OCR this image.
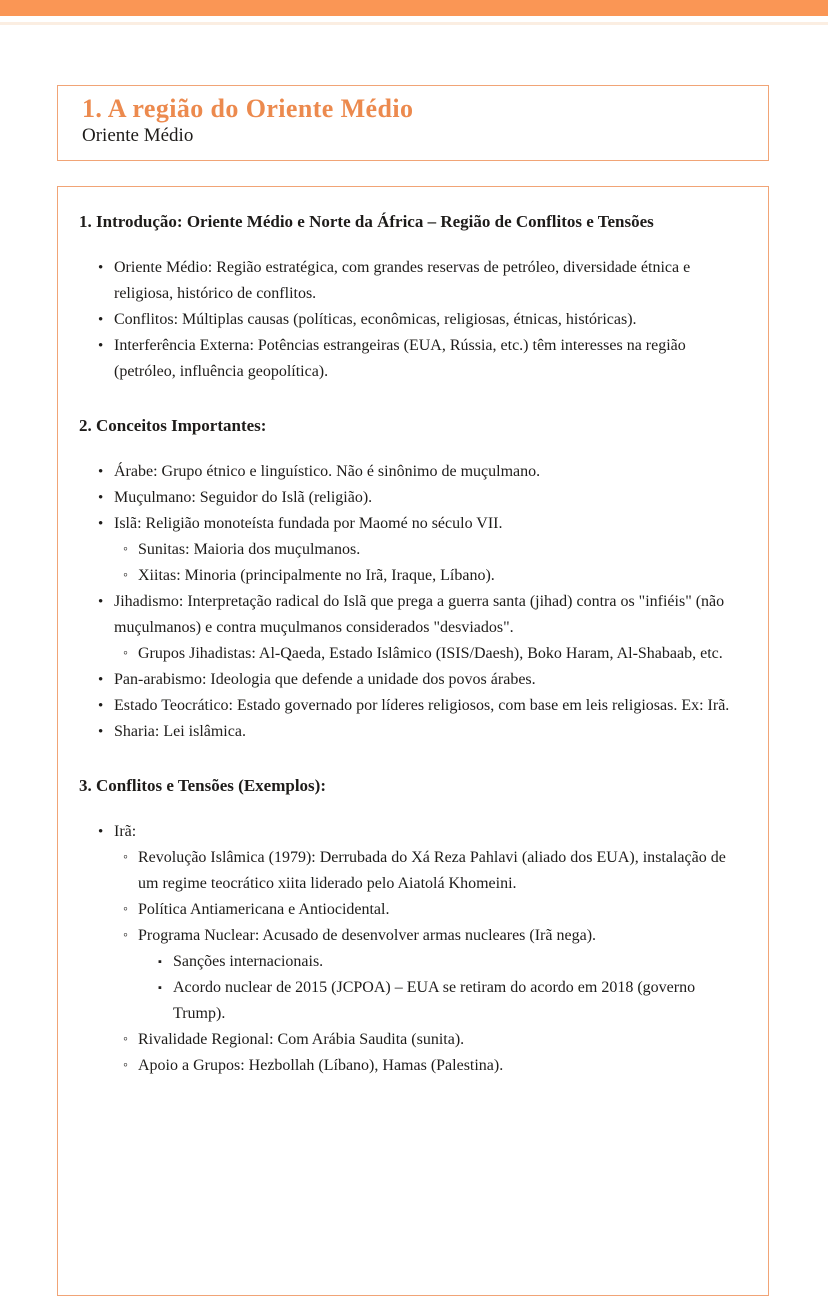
1. A região do Oriente Médio
Oriente Médio
1. Introdução: Oriente Médio e Norte da África – Região de Conflitos e Tensões
• Oriente Médio: Região estratégica, com grandes reservas de petróleo, diversidade étnica e religiosa, histórico de conflitos.
• Conflitos: Múltiplas causas (políticas, econômicas, religiosas, étnicas, históricas).
• Interferência Externa: Potências estrangeiras (EUA, Rússia, etc.) têm interesses na região (petróleo, influência geopolítica).
2. Conceitos Importantes:
• Árabe: Grupo étnico e linguístico. Não é sinônimo de muçulmano.
• Muçulmano: Seguidor do Islã (religião).
• Islã: Religião monoteísta fundada por Maomé no século VII.
◦ Sunitas: Maioria dos muçulmanos.
◦ Xiitas: Minoria (principalmente no Irã, Iraque, Líbano).
• Jihadismo: Interpretação radical do Islã que prega a guerra santa (jihad) contra os "infiéis" (não muçulmanos) e contra muçulmanos considerados "desviados".
◦ Grupos Jihadistas: Al-Qaeda, Estado Islâmico (ISIS/Daesh), Boko Haram, Al-Shabaab, etc.
• Pan-arabismo: Ideologia que defende a unidade dos povos árabes.
• Estado Teocrático: Estado governado por líderes religiosos, com base em leis religiosas. Ex: Irã.
• Sharia: Lei islâmica.
3. Conflitos e Tensões (Exemplos):
• Irã:
◦ Revolução Islâmica (1979): Derrubada do Xá Reza Pahlavi (aliado dos EUA), instalação de um regime teocrático xiita liderado pelo Aiatolá Khomeini.
◦ Política Antiamericana e Antiocidental.
◦ Programa Nuclear: Acusado de desenvolver armas nucleares (Irã nega).
▪ Sanções internacionais.
▪ Acordo nuclear de 2015 (JCPOA) – EUA se retiram do acordo em 2018 (governo Trump).
◦ Rivalidade Regional: Com Arábia Saudita (sunita).
◦ Apoio a Grupos: Hezbollah (Líbano), Hamas (Palestina).
